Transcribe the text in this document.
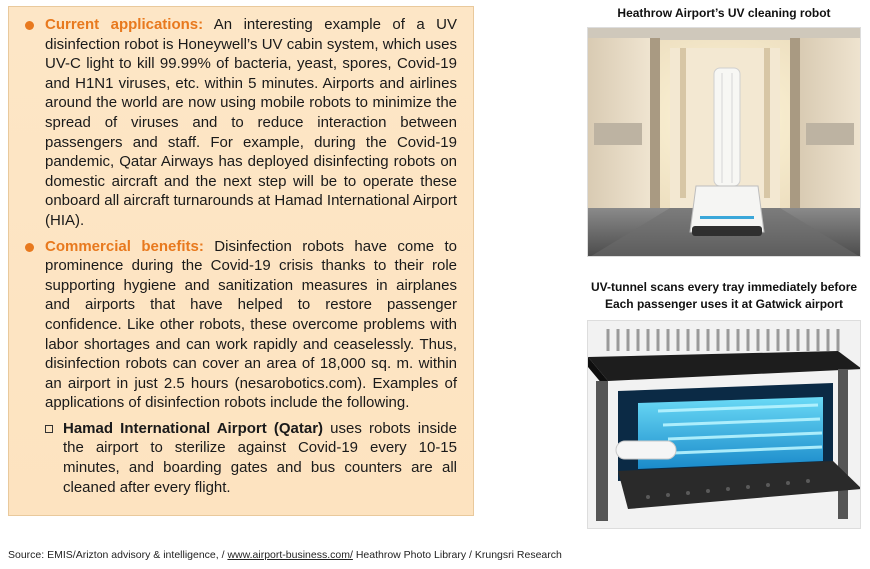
Current applications: An interesting example of a UV disinfection robot is Honeywell’s UV cabin system, which uses UV-C light to kill 99.99% of bacteria, yeast, spores, Covid-19 and H1N1 viruses, etc. within 5 minutes. Airports and airlines around the world are now using mobile robots to minimize the spread of viruses and to reduce interaction between passengers and staff. For example, during the Covid-19 pandemic, Qatar Airways has deployed disinfecting robots on domestic aircraft and the next step will be to operate these onboard all aircraft turnarounds at Hamad International Airport (HIA).

Commercial benefits: Disinfection robots have come to prominence during the Covid-19 crisis thanks to their role supporting hygiene and sanitization measures in airplanes and airports that have helped to restore passenger confidence. Like other robots, these overcome problems with labor shortages and can work rapidly and ceaselessly. Thus, disinfection robots can cover an area of 18,000 sq. m. within an airport in just 2.5 hours (nesarobotics.com). Examples of applications of disinfection robots include the following.

Hamad International Airport (Qatar) uses robots inside the airport to sterilize against Covid-19 every 10-15 minutes, and boarding gates and bus counters are all cleaned after every flight.

Heathrow Airport’s UV cleaning robot
UV-tunnel scans every tray immediately before
Each passenger uses it at Gatwick airport
Source: EMIS/Arizton advisory & intelligence, / www.airport-business.com/ Heathrow Photo Library / Krungsri Research
